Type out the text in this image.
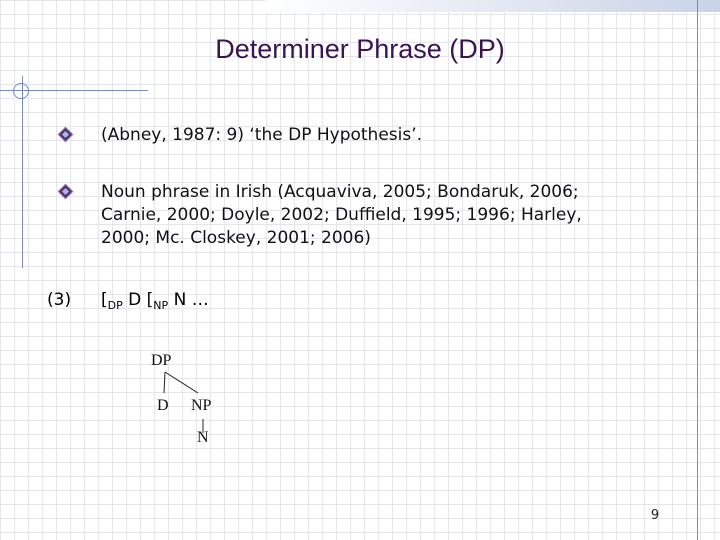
Determiner Phrase (DP)
(Abney, 1987: 9) ‘the DP Hypothesis’.
Noun phrase in Irish (Acquaviva, 2005; Bondaruk, 2006;
Carnie, 2000; Doyle, 2002; Duffield, 1995; 1996; Harley,
2000; Mc. Closkey, 2001; 2006)
(3) [$_{DP}$ D [$_{NP}$ N …
DP
D NP
N
9
